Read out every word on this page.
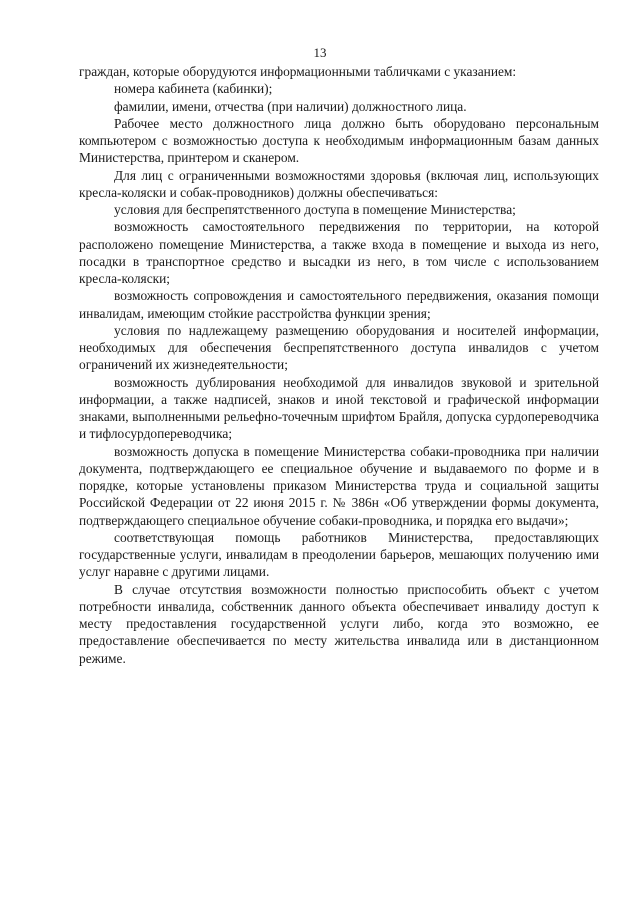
13

граждан, которые оборудуются информационными табличками с указанием:

номера кабинета (кабинки);

фамилии, имени, отчества (при наличии) должностного лица.

Рабочее место должностного лица должно быть оборудовано персональным компьютером с возможностью доступа к необходимым информационным базам данных Министерства, принтером и сканером.

Для лиц с ограниченными возможностями здоровья (включая лиц, использующих кресла-коляски и собак-проводников) должны обеспечиваться:

условия для беспрепятственного доступа в помещение Министерства;

возможность самостоятельного передвижения по территории, на которой расположено помещение Министерства, а также входа в помещение и выхода из него, посадки в транспортное средство и высадки из него, в том числе с использованием кресла-коляски;

возможность сопровождения и самостоятельного передвижения, оказания помощи инвалидам, имеющим стойкие расстройства функции зрения;

условия по надлежащему размещению оборудования и носителей информации, необходимых для обеспечения беспрепятственного доступа инвалидов с учетом ограничений их жизнедеятельности;

возможность дублирования необходимой для инвалидов звуковой и зрительной информации, а также надписей, знаков и иной текстовой и графической информации знаками, выполненными рельефно-точечным шрифтом Брайля, допуска сурдопереводчика и тифлосурдопереводчика;

возможность допуска в помещение Министерства собаки-проводника при наличии документа, подтверждающего ее специальное обучение и выдаваемого по форме и в порядке, которые установлены приказом Министерства труда и социальной защиты Российской Федерации от 22 июня 2015 г. № 386н «Об утверждении формы документа, подтверждающего специальное обучение собаки-проводника, и порядка его выдачи»;

соответствующая помощь работников Министерства, предоставляющих государственные услуги, инвалидам в преодолении барьеров, мешающих получению ими услуг наравне с другими лицами.

В случае отсутствия возможности полностью приспособить объект с учетом потребности инвалида, собственник данного объекта обеспечивает инвалиду доступ к месту предоставления государственной услуги либо, когда это возможно, ее предоставление обеспечивается по месту жительства инвалида или в дистанционном режиме.
